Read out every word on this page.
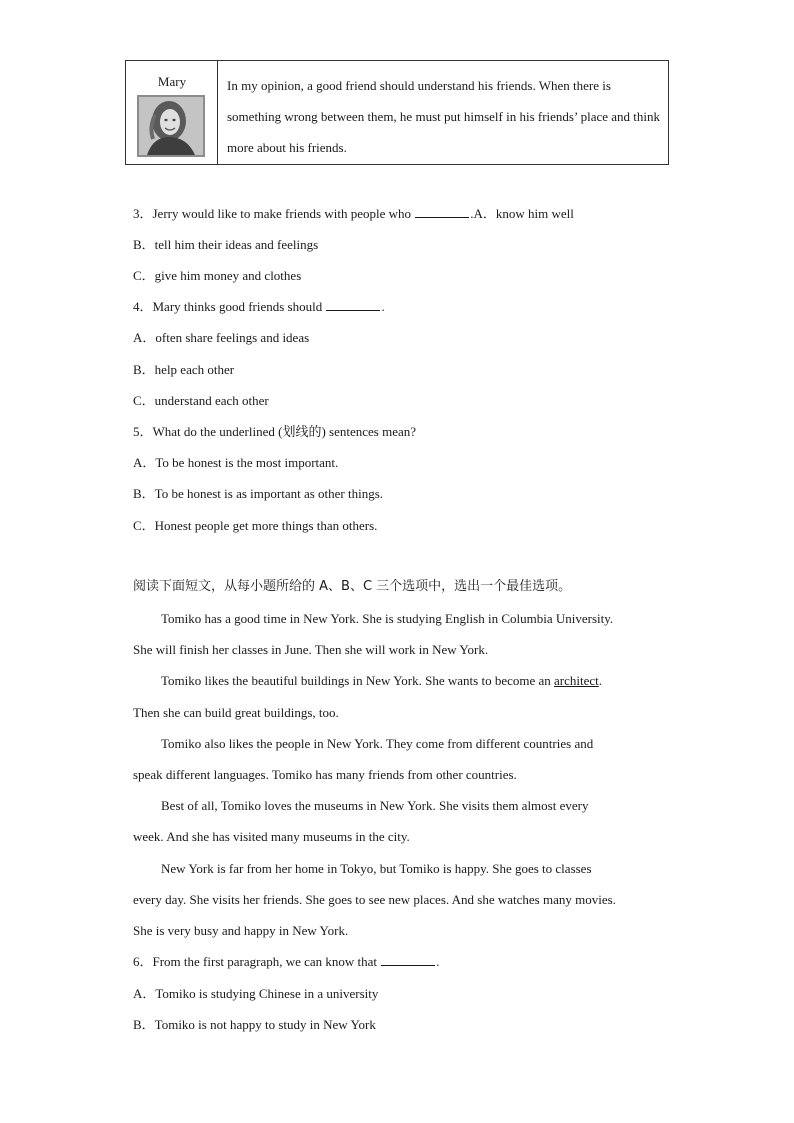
Mary	In my opinion, a good friend should understand his friends. When there is something wrong between them, he must put himself in his friends’ place and think more about his friends.
3．Jerry would like to make friends with people who	.A．know him well
B．tell him their ideas and feelings
C．give him money and clothes
4．Mary thinks good friends should	.
A．often share feelings and ideas
B．help each other
C．understand each other
5．What do the underlined (划线的) sentences mean?
A．To be honest is the most important.
B．To be honest is as important as other things.
C．Honest people get more things than others.
阅读下面短文，从每小题所给的 A、B、C 三个选项中，选出一个最佳选项。
Tomiko has a good time in New York. She is studying English in Columbia University.
She will finish her classes in June. Then she will work in New York.
Tomiko likes the beautiful buildings in New York. She wants to become an architect.
Then she can build great buildings, too.
Tomiko also likes the people in New York. They come from different countries and
speak different languages. Tomiko has many friends from other countries.
Best of all, Tomiko loves the museums in New York. She visits them almost every
week. And she has visited many museums in the city.
New York is far from her home in Tokyo, but Tomiko is happy. She goes to classes
every day. She visits her friends. She goes to see new places. And she watches many movies.
She is very busy and happy in New York.
6．From the first paragraph, we can know that	.
A．Tomiko is studying Chinese in a university
B．Tomiko is not happy to study in New York
